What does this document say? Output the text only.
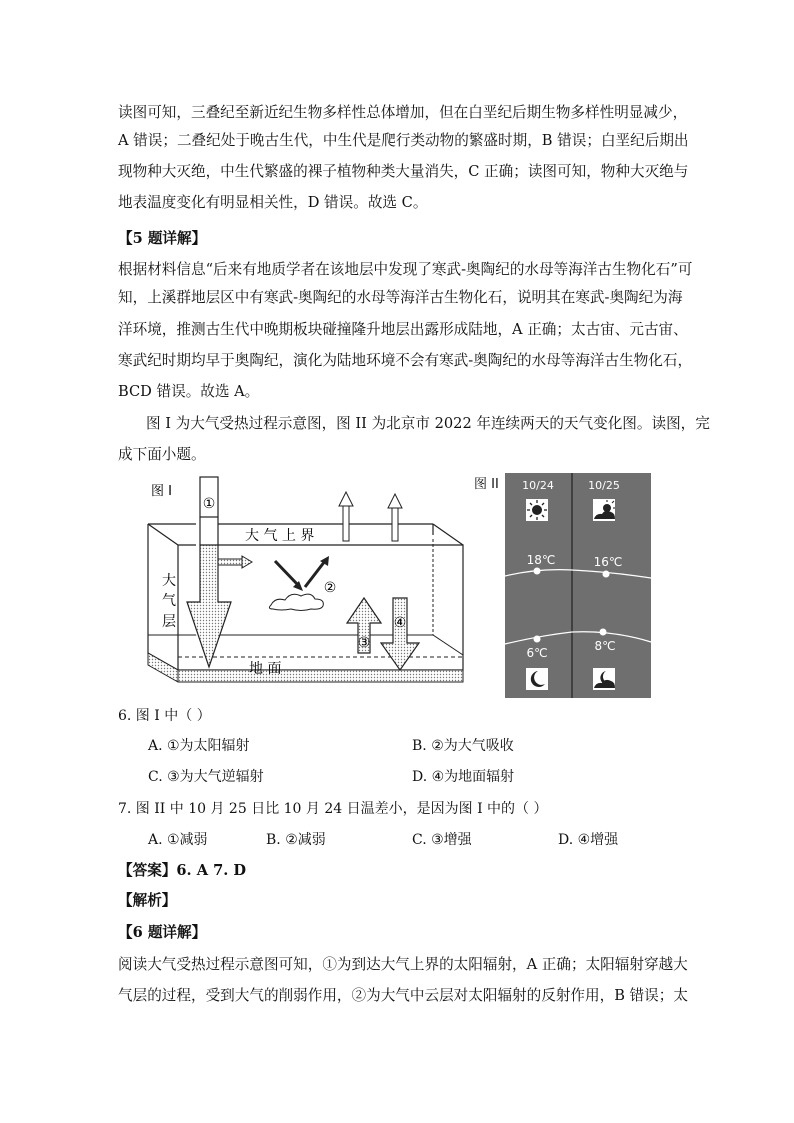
读图可知，三叠纪至新近纪生物多样性总体增加，但在白垩纪后期生物多样性明显减少，
A 错误；二叠纪处于晚古生代，中生代是爬行类动物的繁盛时期，B 错误；白垩纪后期出
现物种大灭绝，中生代繁盛的裸子植物种类大量消失，C 正确；读图可知，物种大灭绝与
地表温度变化有明显相关性，D 错误。故选 C。
【5 题详解】
根据材料信息“后来有地质学者在该地层中发现了寒武-奥陶纪的水母等海洋古生物化石”可
知，上溪群地层区中有寒武-奥陶纪的水母等海洋古生物化石，说明其在寒武-奥陶纪为海
洋环境，推测古生代中晚期板块碰撞隆升地层出露形成陆地，A 正确；太古宙、元古宙、
寒武纪时期均早于奥陶纪，演化为陆地环境不会有寒武-奥陶纪的水母等海洋古生物化石，
BCD 错误。故选 A。
图 I 为大气受热过程示意图，图 II 为北京市 2022 年连续两天的天气变化图。读图，完
成下面小题。
图 I
①
②
③
④
大 气 上 界
大
气
层
地 面
图 II 10/24	10/25
18℃	16℃
6℃	8℃
6. 图 I 中（ ）
A. ①为太阳辐射	B. ②为大气吸收
C. ③为大气逆辐射	D. ④为地面辐射
7. 图 II 中 10 月 25 日比 10 月 24 日温差小，是因为图 I 中的（ ）
A. ①减弱	B. ②减弱	C. ③增强	D. ④增强
【答案】6. A 7. D
【解析】
【6 题详解】
阅读大气受热过程示意图可知，①为到达大气上界的太阳辐射，A 正确；太阳辐射穿越大
气层的过程，受到大气的削弱作用，②为大气中云层对太阳辐射的反射作用，B 错误；太
